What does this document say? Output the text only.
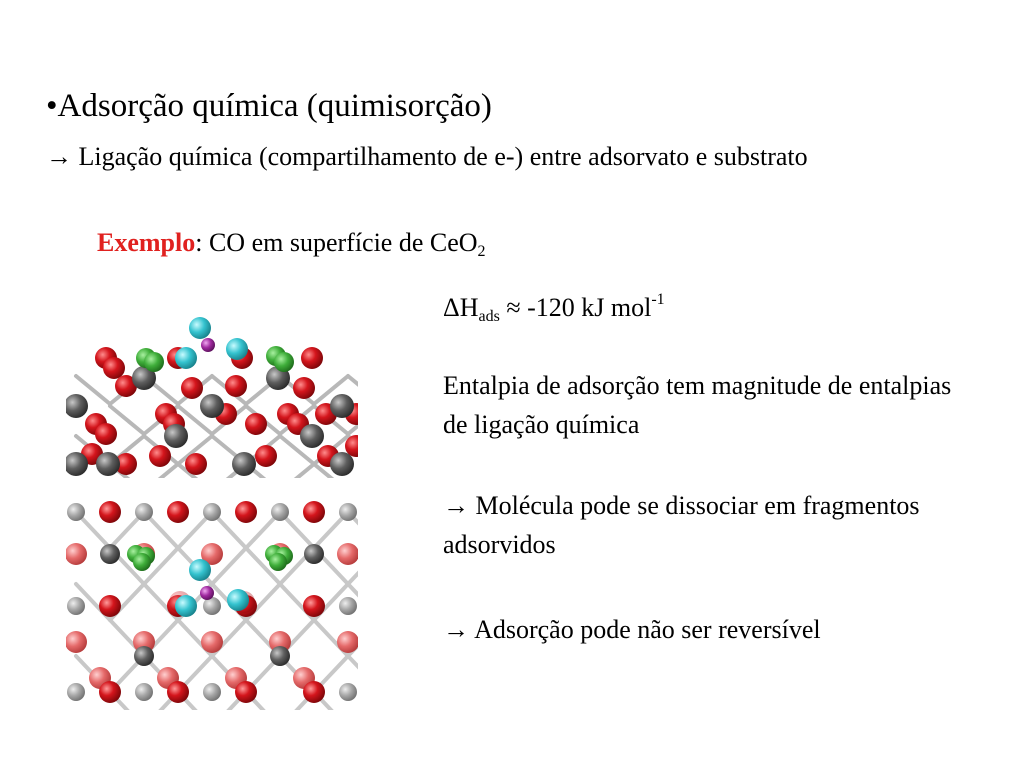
•Adsorção química (quimisorção)
→ Ligação química (compartilhamento de e-) entre adsorvato e substrato
Exemplo: CO em superfície de CeO$_2$
$\Delta H_{ads} \approx -120$ kJ mol$^{-1}$
Entalpia de adsorção tem magnitude de entalpias de ligação química
→ Molécula pode se dissociar em fragmentos adsorvidos
→ Adsorção pode não ser reversível
